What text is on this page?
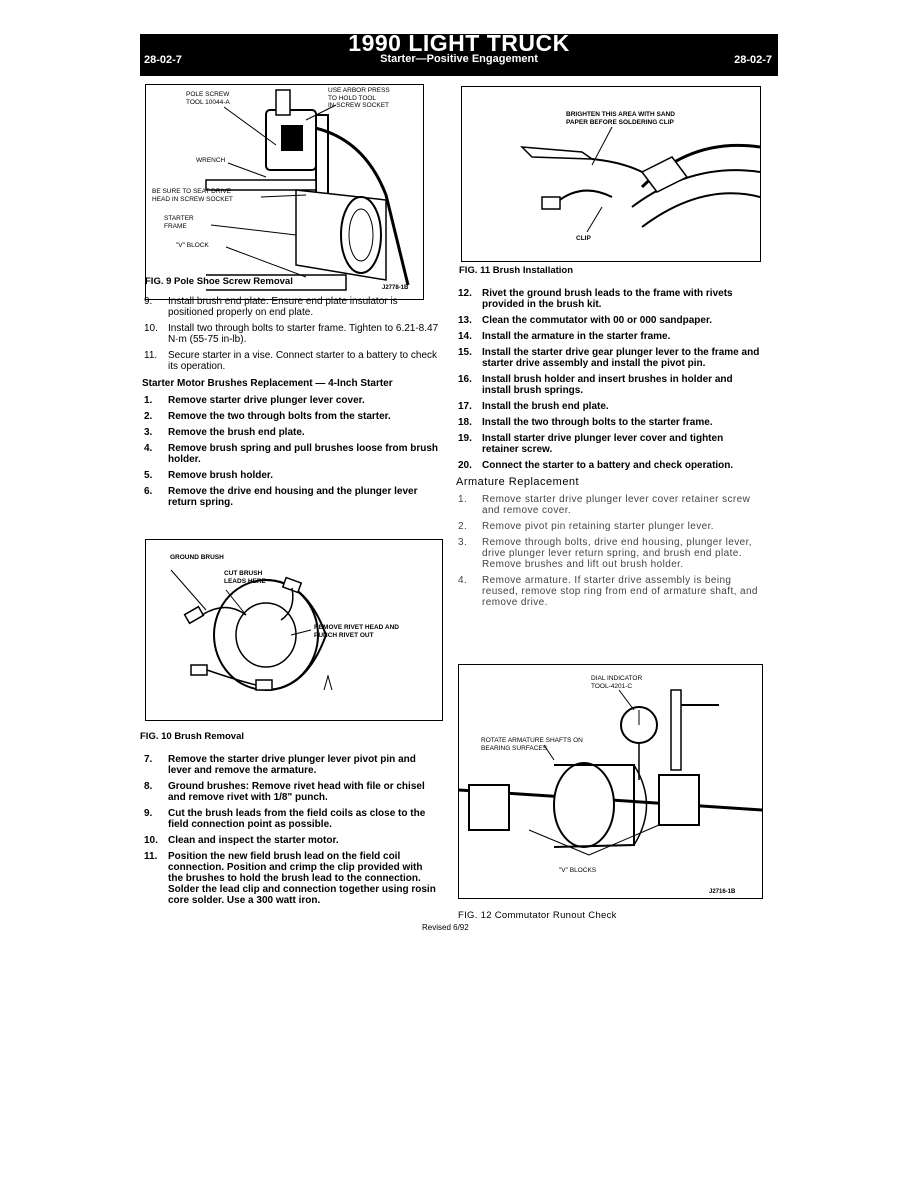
28-02-7
1990 LIGHT TRUCK
Starter—Positive Engagement	28-02-7
POLE SCREW
TOOL 10044-A
USE ARBOR PRESS
TO HOLD TOOL
IN SCREW SOCKET
WRENCH
BE SURE TO SEAT DRIVE
HEAD IN SCREW SOCKET
STARTER
FRAME
"V" BLOCK
J2778-1B
FIG. 9 Pole Shoe Screw Removal
9. Install brush end plate. Ensure end plate insulator is positioned properly on end plate.
10. Install two through bolts to starter frame. Tighten to 6.21-8.47 N·m (55-75 in-lb).
11. Secure starter in a vise. Connect starter to a battery to check its operation.
Starter Motor Brushes Replacement — 4-Inch Starter
1. Remove starter drive plunger lever cover.
2. Remove the two through bolts from the starter.
3. Remove the brush end plate.
4. Remove brush spring and pull brushes loose from brush holder.
5. Remove brush holder.
6. Remove the drive end housing and the plunger lever return spring.
GROUND BRUSH
CUT BRUSH
LEADS HERE
REMOVE RIVET HEAD AND
PUNCH RIVET OUT
FIG. 10 Brush Removal
7. Remove the starter drive plunger lever pivot pin and lever and remove the armature.
8. Ground brushes: Remove rivet head with file or chisel and remove rivet with 1/8" punch.
9. Cut the brush leads from the field coils as close to the field connection point as possible.
10. Clean and inspect the starter motor.
11. Position the new field brush lead on the field coil connection. Position and crimp the clip provided with the brushes to hold the brush lead to the connection. Solder the lead clip and connection together using rosin core solder. Use a 300 watt iron.
BRIGHTEN THIS AREA WITH SAND
PAPER BEFORE SOLDERING CLIP
CLIP
FIG. 11 Brush Installation
12. Rivet the ground brush leads to the frame with rivets provided in the brush kit.
13. Clean the commutator with 00 or 000 sandpaper.
14. Install the armature in the starter frame.
15. Install the starter drive gear plunger lever to the frame and starter drive assembly and install the pivot pin.
16. Install brush holder and insert brushes in holder and install brush springs.
17. Install the brush end plate.
18. Install the two through bolts to the starter frame.
19. Install starter drive plunger lever cover and tighten retainer screw.
20. Connect the starter to a battery and check operation.
Armature Replacement
1. Remove starter drive plunger lever cover retainer screw and remove cover.
2. Remove pivot pin retaining starter plunger lever.
3. Remove through bolts, drive end housing, plunger lever, drive plunger lever return spring, and brush end plate. Remove brushes and lift out brush holder.
4. Remove armature. If starter drive assembly is being reused, remove stop ring from end of armature shaft, and remove drive.
DIAL INDICATOR
TOOL-4201-C
ROTATE ARMATURE SHAFTS ON
BEARING SURFACES
"V" BLOCKS
J2716-1B
FIG. 12 Commutator Runout Check
Revised 6/92
